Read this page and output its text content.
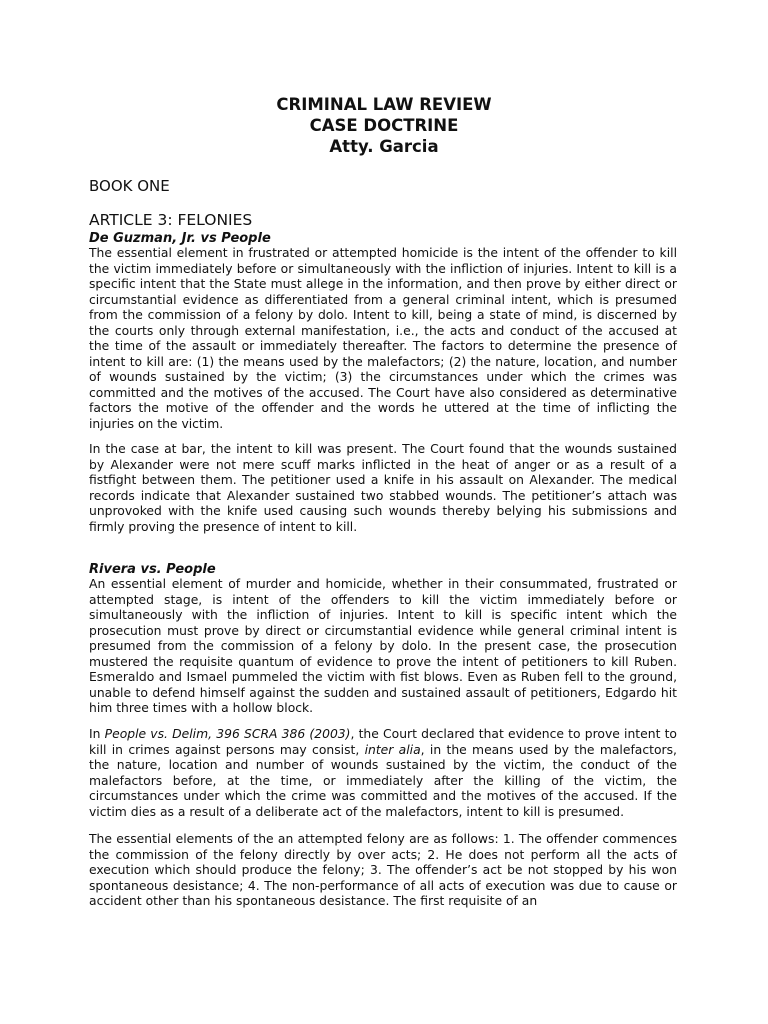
CRIMINAL LAW REVIEW
CASE DOCTRINE
Atty. Garcia
BOOK ONE
ARTICLE 3: FELONIES
De Guzman, Jr. vs People
The essential element in frustrated or attempted homicide is the intent of the offender to kill the victim immediately before or simultaneously with the infliction of injuries. Intent to kill is a specific intent that the State must allege in the information, and then prove by either direct or circumstantial evidence as differentiated from a general criminal intent, which is presumed from the commission of a felony by dolo. Intent to kill, being a state of mind, is discerned by the courts only through external manifestation, i.e., the acts and conduct of the accused at the time of the assault or immediately thereafter. The factors to determine the presence of intent to kill are: (1) the means used by the malefactors; (2) the nature, location, and number of wounds sustained by the victim; (3) the circumstances under which the crimes was committed and the motives of the accused. The Court have also considered as determinative factors the motive of the offender and the words he uttered at the time of inflicting the injuries on the victim.
In the case at bar, the intent to kill was present. The Court found that the wounds sustained by Alexander were not mere scuff marks inflicted in the heat of anger or as a result of a fistfight between them. The petitioner used a knife in his assault on Alexander. The medical records indicate that Alexander sustained two stabbed wounds. The petitioner’s attach was unprovoked with the knife used causing such wounds thereby belying his submissions and firmly proving the presence of intent to kill.
Rivera vs. People
An essential element of murder and homicide, whether in their consummated, frustrated or attempted stage, is intent of the offenders to kill the victim immediately before or simultaneously with the infliction of injuries. Intent to kill is specific intent which the prosecution must prove by direct or circumstantial evidence while general criminal intent is presumed from the commission of a felony by dolo. In the present case, the prosecution mustered the requisite quantum of evidence to prove the intent of petitioners to kill Ruben. Esmeraldo and Ismael pummeled the victim with fist blows. Even as Ruben fell to the ground, unable to defend himself against the sudden and sustained assault of petitioners, Edgardo hit him three times with a hollow block.
In People vs. Delim, 396 SCRA 386 (2003), the Court declared that evidence to prove intent to kill in crimes against persons may consist, inter alia, in the means used by the malefactors, the nature, location and number of wounds sustained by the victim, the conduct of the malefactors before, at the time, or immediately after the killing of the victim, the circumstances under which the crime was committed and the motives of the accused. If the victim dies as a result of a deliberate act of the malefactors, intent to kill is presumed.
The essential elements of the an attempted felony are as follows: 1. The offender commences the commission of the felony directly by over acts; 2. He does not perform all the acts of execution which should produce the felony; 3. The offender’s act be not stopped by his won spontaneous desistance; 4. The non-performance of all acts of execution was due to cause or accident other than his spontaneous desistance. The first requisite of an
